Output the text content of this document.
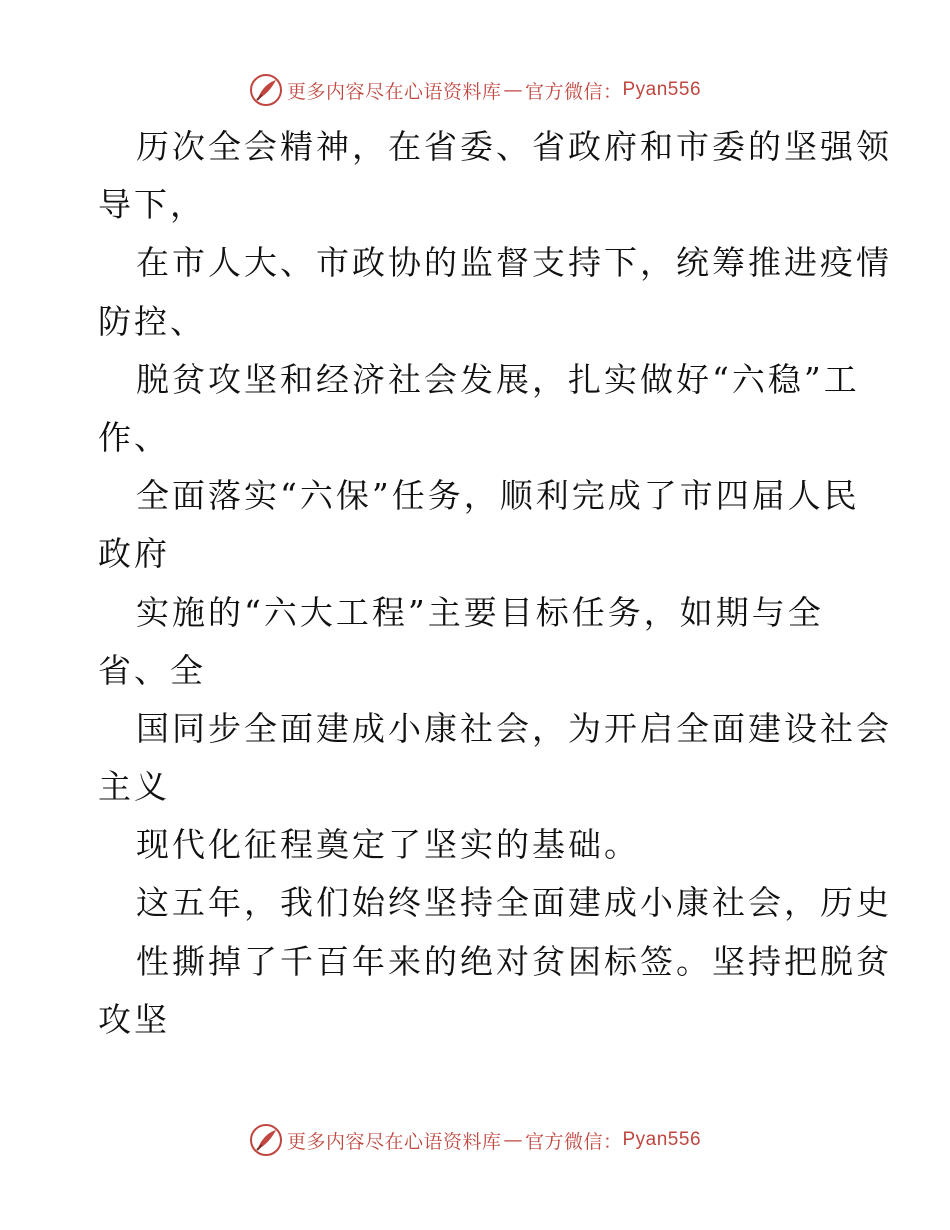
更多内容尽在心语资料库 — 官方微信： Pyan556
历次全会精神，在省委、省政府和市委的坚强领
导下，
在市人大、市政协的监督支持下，统筹推进疫情
防控、
脱贫攻坚和经济社会发展，扎实做好“六稳”工
作、
全面落实“六保”任务，顺利完成了市四届人民
政府
实施的“六大工程”主要目标任务，如期与全
省、全
国同步全面建成小康社会，为开启全面建设社会
主义
现代化征程奠定了坚实的基础。
这五年，我们始终坚持全面建成小康社会，历史
性撕掉了千百年来的绝对贫困标签。坚持把脱贫
攻坚
更多内容尽在心语资料库 — 官方微信： Pyan556
